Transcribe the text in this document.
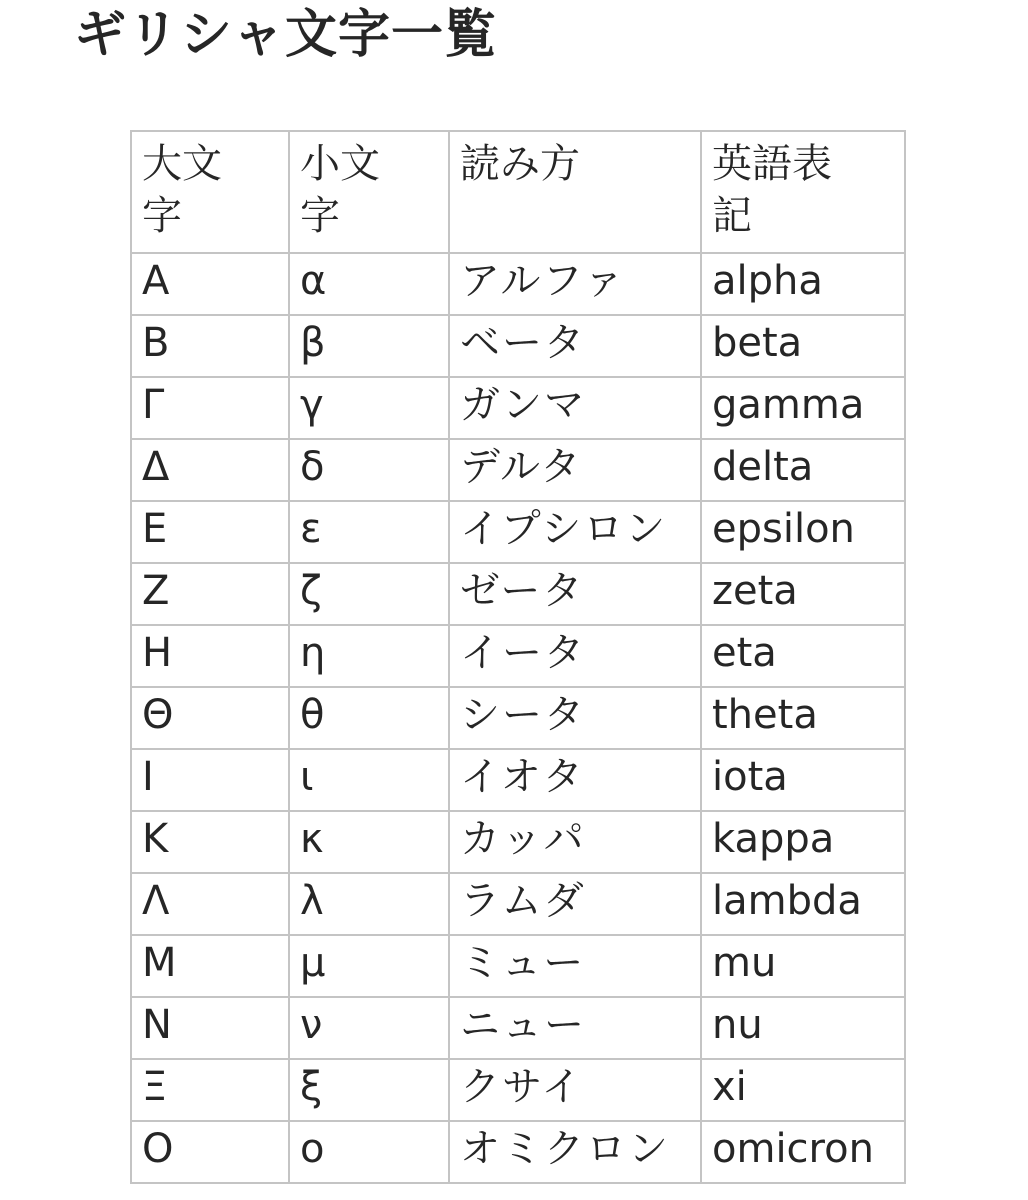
ギリシャ文字一覧
大文字	小文字	読み方	英語表記
Α	α	アルファ	alpha
Β	β	ベータ	beta
Γ	γ	ガンマ	gamma
Δ	δ	デルタ	delta
Ε	ε	イプシロン	epsilon
Ζ	ζ	ゼータ	zeta
Η	η	イータ	eta
Θ	θ	シータ	theta
Ι	ι	イオタ	iota
Κ	κ	カッパ	kappa
Λ	λ	ラムダ	lambda
Μ	μ	ミュー	mu
Ν	ν	ニュー	nu
Ξ	ξ	クサイ	xi
Ο	ο	オミクロン	omicron
